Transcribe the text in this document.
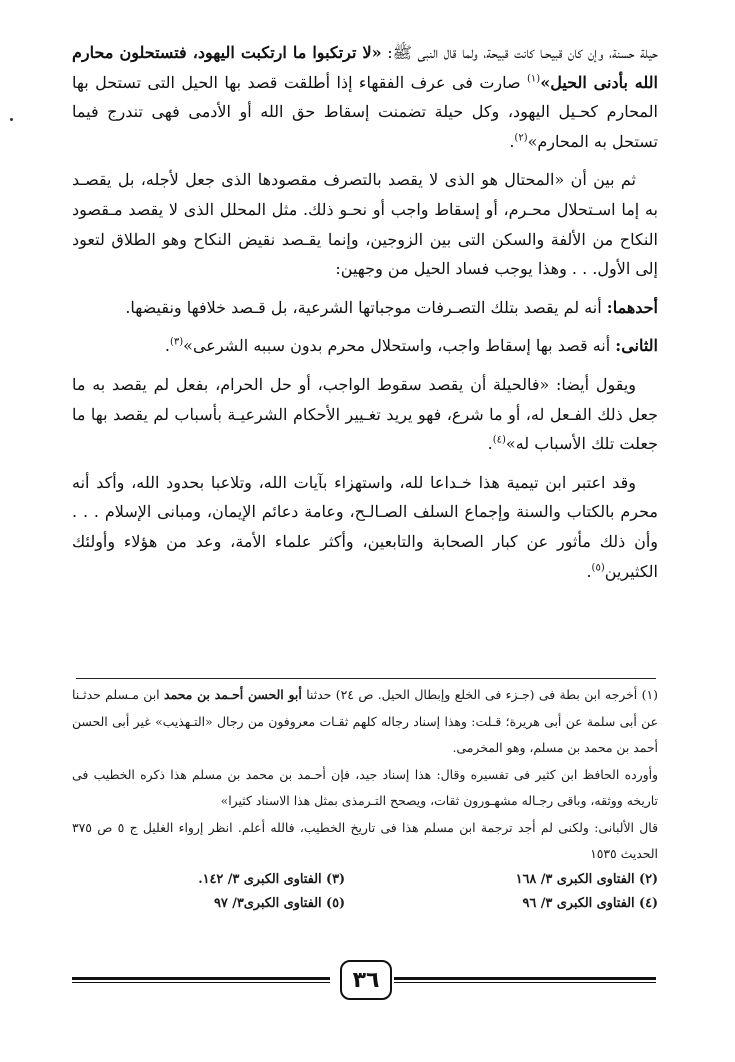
حيلة حسنة، وإن كان قبيحـا كانت قبيحة، ولما قال النبى ﷺ: «لا ترتكبوا ما ارتكبت اليهود، فتستحلون محارم الله بأدنى الحيل»$^{(١)}$ صارت فى عرف الفقهاء إذا أطلقت قصد بها الحيل التى تستحل بها المحارم كحـيل اليهود، وكل حيلة تضمنت إسقاط حق الله أو الأدمى فهى تندرج فيما تستحل به المحارم»$^{(٢)}$.

ثم بين أن «المحتال هو الذى لا يقصد بالتصرف مقصودها الذى جعل لأجله، بل يقصـد به إما اسـتحلال محـرم، أو إسقاط واجب أو نحـو ذلك. مثل المحلل الذى لا يقصد مـقصود النكاح من الألفة والسكن التى بين الزوجين، وإنما يقـصد نقيض النكاح وهو الطلاق لتعود إلى الأول. . . وهذا يوجب فساد الحيل من وجهين:

أحدهما: أنه لم يقصد بتلك التصـرفات موجباتها الشرعية، بل قـصد خلافها ونقيضها.

الثانى: أنه قصد بها إسقاط واجب، واستحلال محرم بدون سببه الشرعى»$^{(٣)}$.

ويقول أيضا: «فالحيلة أن يقصد سقوط الواجب، أو حل الحرام، بفعل لم يقصد به ما جعل ذلك الفـعل له، أو ما شرع، فهو يريد تغـيير الأحكام الشرعيـة بأسباب لم يقصد بها ما جعلت تلك الأسباب له»$^{(٤)}$.

وقد اعتبر ابن تيمية هذا خـداعا لله، واستهزاء بآيات الله، وتلاعبا بحدود الله، وأكد أنه محرم بالكتاب والسنة وإجماع السلف الصـالـح، وعامة دعائم الإيمان، ومبانى الإسلام . . . وأن ذلك مأثور عن كبار الصحابة والتابعين، وأكثر علماء الأمة، وعد من هؤلاء وأولئك الكثيرين$^{(٥)}$.

(١) أخرجه ابن بطة فى (جـزء فى الخلع وإبطال الحيل. ص ٢٤) حدثنا أبو الحسن أحـمد بن محمد ابن مـسلم حدثـنا عن أبى سلمة عن أبى هريرة؛ قـلت: وهذا إسناد رجاله كلهم ثقـات معروفون من رجال «التـهذيب» غير أبى الحسن أحمد بن محمد بن مسلم، وهو المخرمى.

وأورده الحافظ ابن كثير فى تفسيره وقال: هذا إسناد جيد، فإن أحـمد بن محمد بن مسلم هذا ذكره الخطيب فى تاريخه ووثقه، وباقى رجـاله مشهـورون ثقات، ويصحح التـرمذى بمثل هذا الاسناد كثيرا»

قال الألبانى: ولكنى لم أجد ترجمة ابن مسلم هذا فى تاريخ الخطيب، فالله أعلم. انظر إرواء الغليل ج ٥ ص ٣٧٥ الحديث ١٥٣٥

(٢) الفتاوى الكبرى ٣/ ١٦٨
(٣) الفتاوى الكبرى ٣/ ١٤٢.
(٤) الفتاوى الكبرى ٣/ ٩٦
(٥) الفتاوى الكبرى٣/ ٩٧
٣٦
